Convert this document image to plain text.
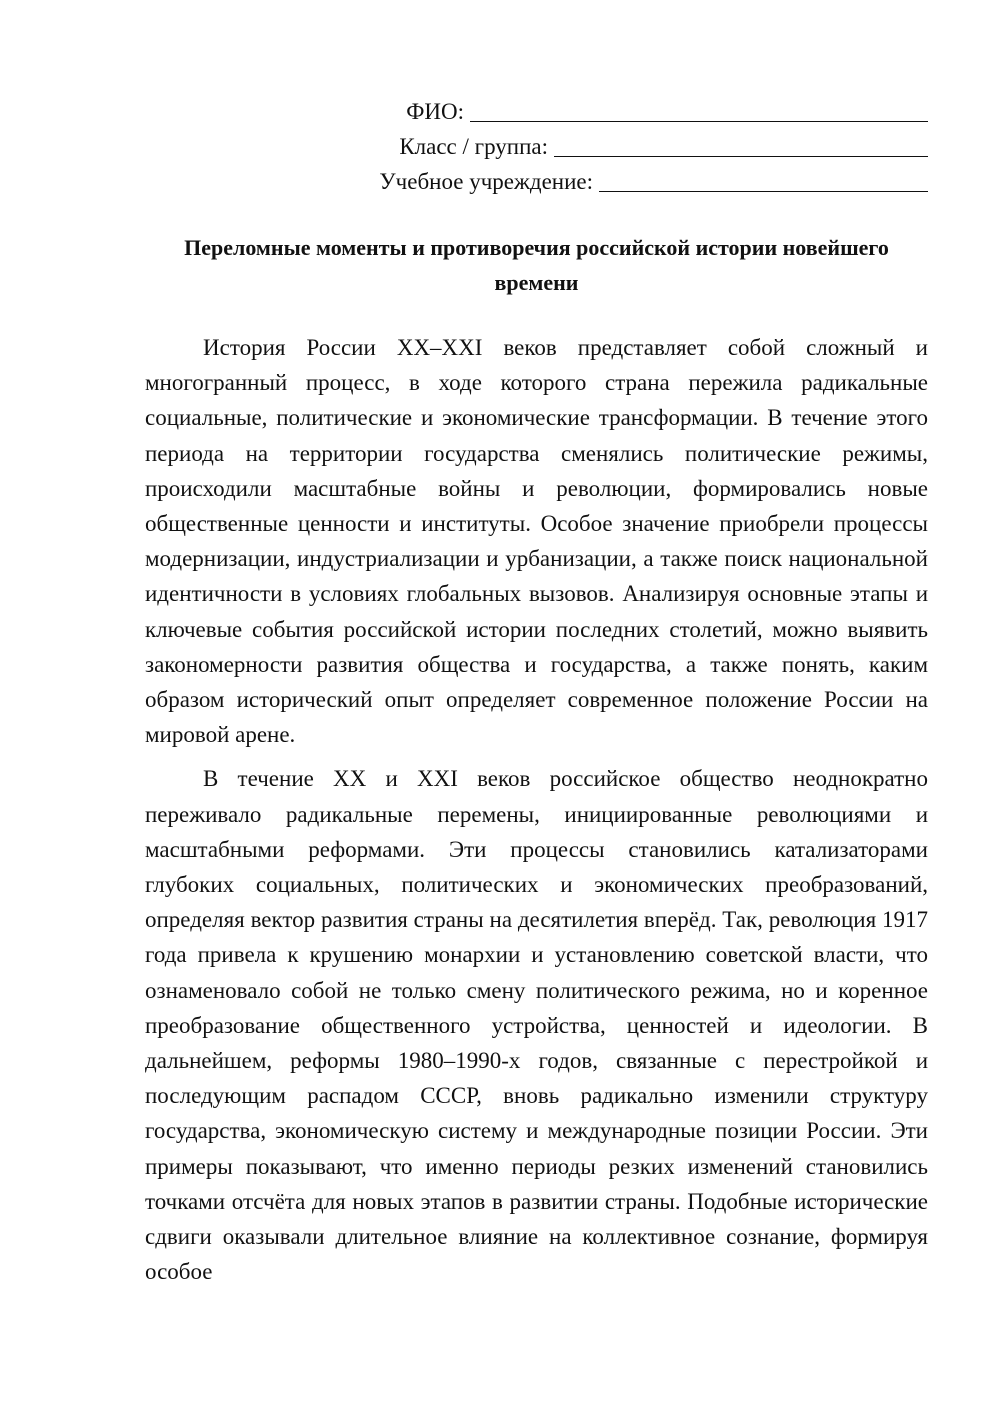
ФИО:
Класс / группа:
Учебное учреждение:
Переломные моменты и противоречия российской истории новейшего времени

История России XX–XXI веков представляет собой сложный и многогранный процесс, в ходе которого страна пережила радикальные социальные, политические и экономические трансформации. В течение этого периода на территории государства сменялись политические режимы, происходили масштабные войны и революции, формировались новые общественные ценности и институты. Особое значение приобрели процессы модернизации, индустриализации и урбанизации, а также поиск национальной идентичности в условиях глобальных вызовов. Анализируя основные этапы и ключевые события российской истории последних столетий, можно выявить закономерности развития общества и государства, а также понять, каким образом исторический опыт определяет современное положение России на мировой арене.

В течение XX и XXI веков российское общество неоднократно переживало радикальные перемены, инициированные революциями и масштабными реформами. Эти процессы становились катализаторами глубоких социальных, политических и экономических преобразований, определяя вектор развития страны на десятилетия вперёд. Так, революция 1917 года привела к крушению монархии и установлению советской власти, что ознаменовало собой не только смену политического режима, но и коренное преобразование общественного устройства, ценностей и идеологии. В дальнейшем, реформы 1980–1990-х годов, связанные с перестройкой и последующим распадом СССР, вновь радикально изменили структуру государства, экономическую систему и международные позиции России. Эти примеры показывают, что именно периоды резких изменений становились точками отсчёта для новых этапов в развитии страны. Подобные исторические сдвиги оказывали длительное влияние на коллективное сознание, формируя особое
